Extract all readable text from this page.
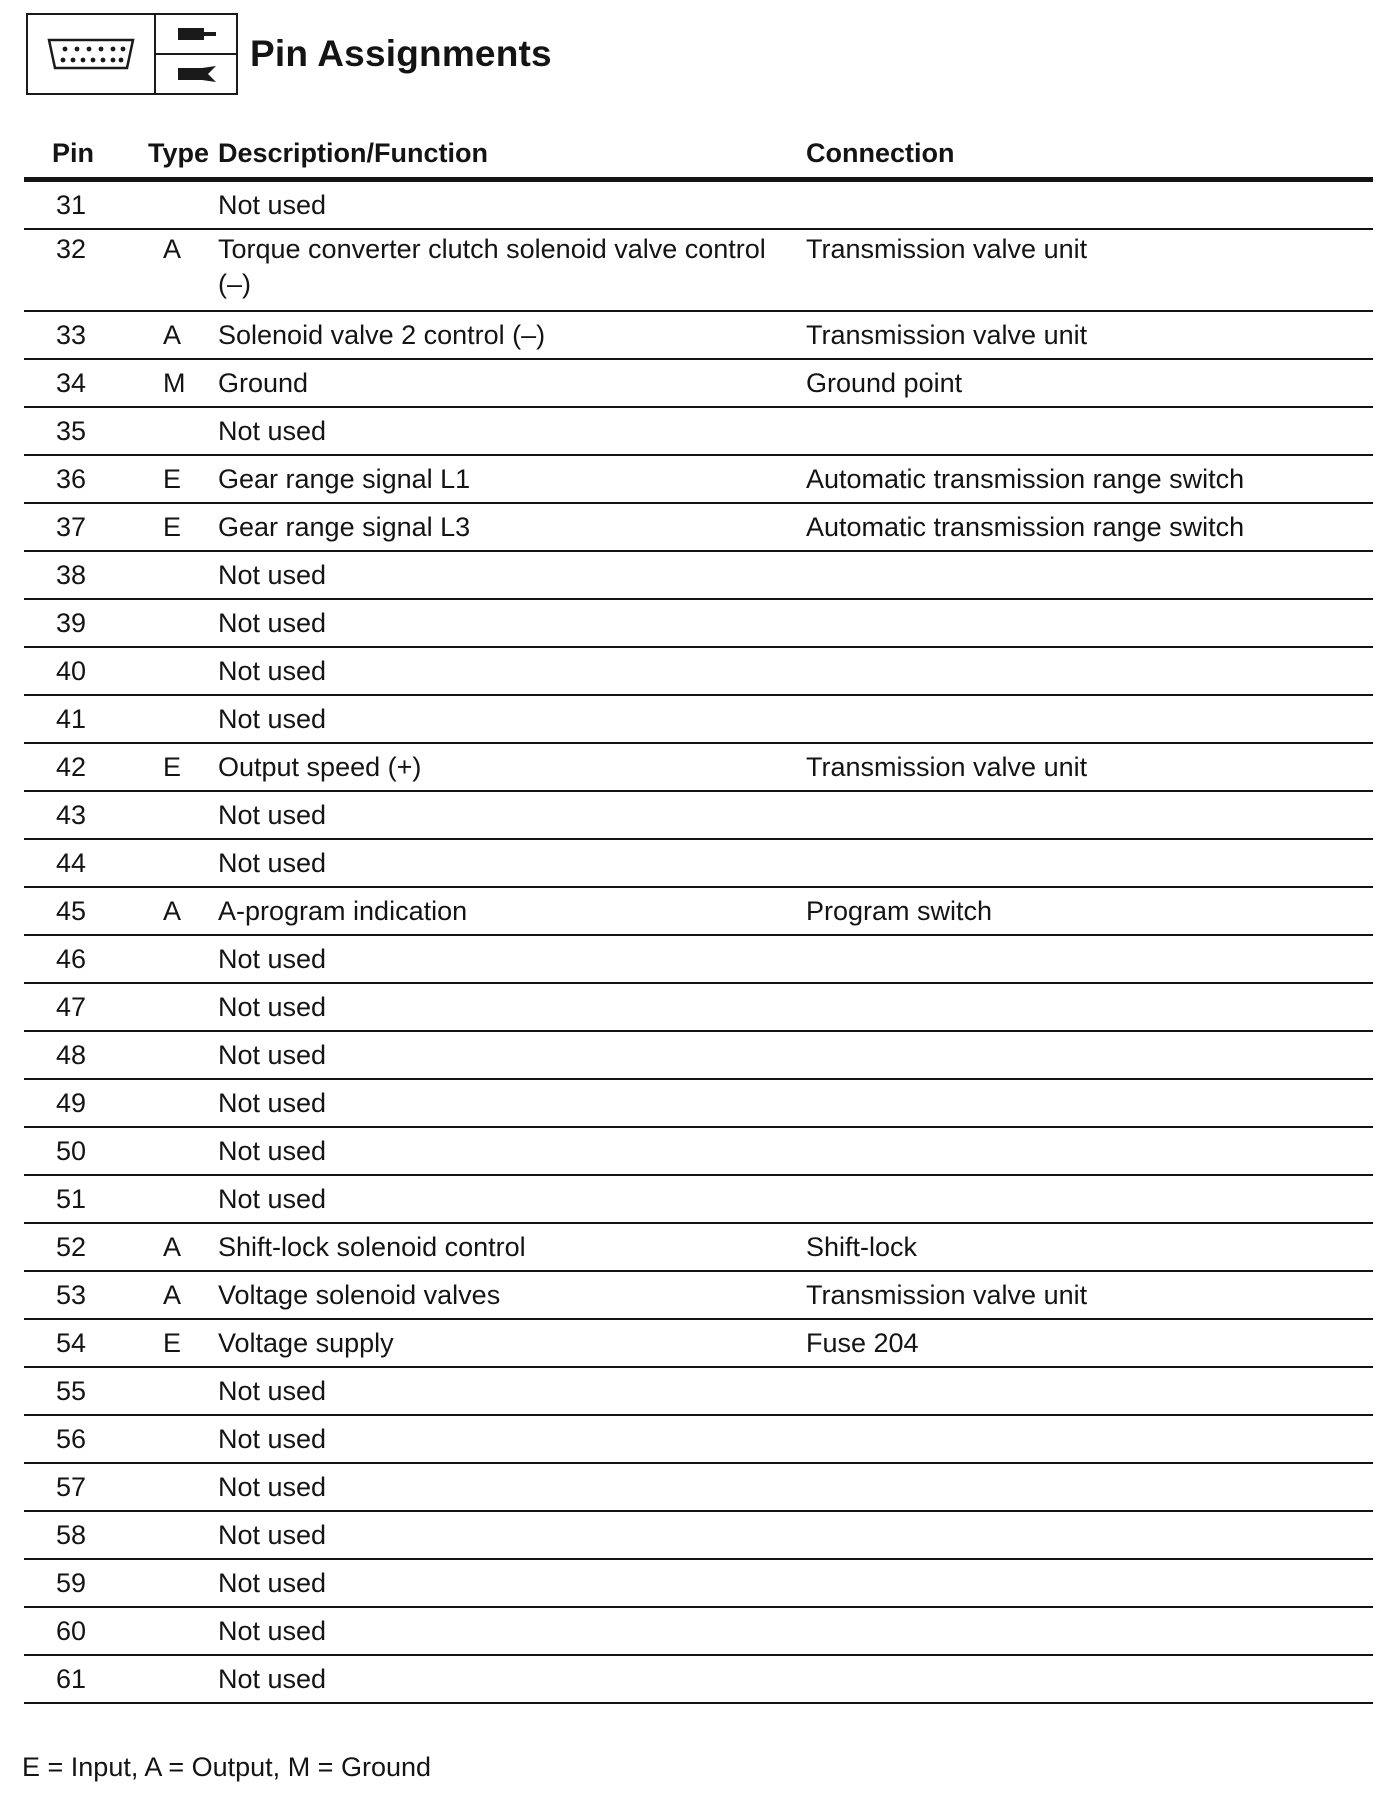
Pin Assignments
Pin	Type	Description/Function	Connection
31		Not used	
32	A	Torque converter clutch solenoid valve control (–)	Transmission valve unit
33	A	Solenoid valve 2 control (–)	Transmission valve unit
34	M	Ground	Ground point
35		Not used	
36	E	Gear range signal L1	Automatic transmission range switch
37	E	Gear range signal L3	Automatic transmission range switch
38		Not used	
39		Not used	
40		Not used	
41		Not used	
42	E	Output speed (+)	Transmission valve unit
43		Not used	
44		Not used	
45	A	A-program indication	Program switch
46		Not used	
47		Not used	
48		Not used	
49		Not used	
50		Not used	
51		Not used	
52	A	Shift-lock solenoid control	Shift-lock
53	A	Voltage solenoid valves	Transmission valve unit
54	E	Voltage supply	Fuse 204
55		Not used	
56		Not used	
57		Not used	
58		Not used	
59		Not used	
60		Not used	
61		Not used	
E = Input, A = Output, M = Ground
